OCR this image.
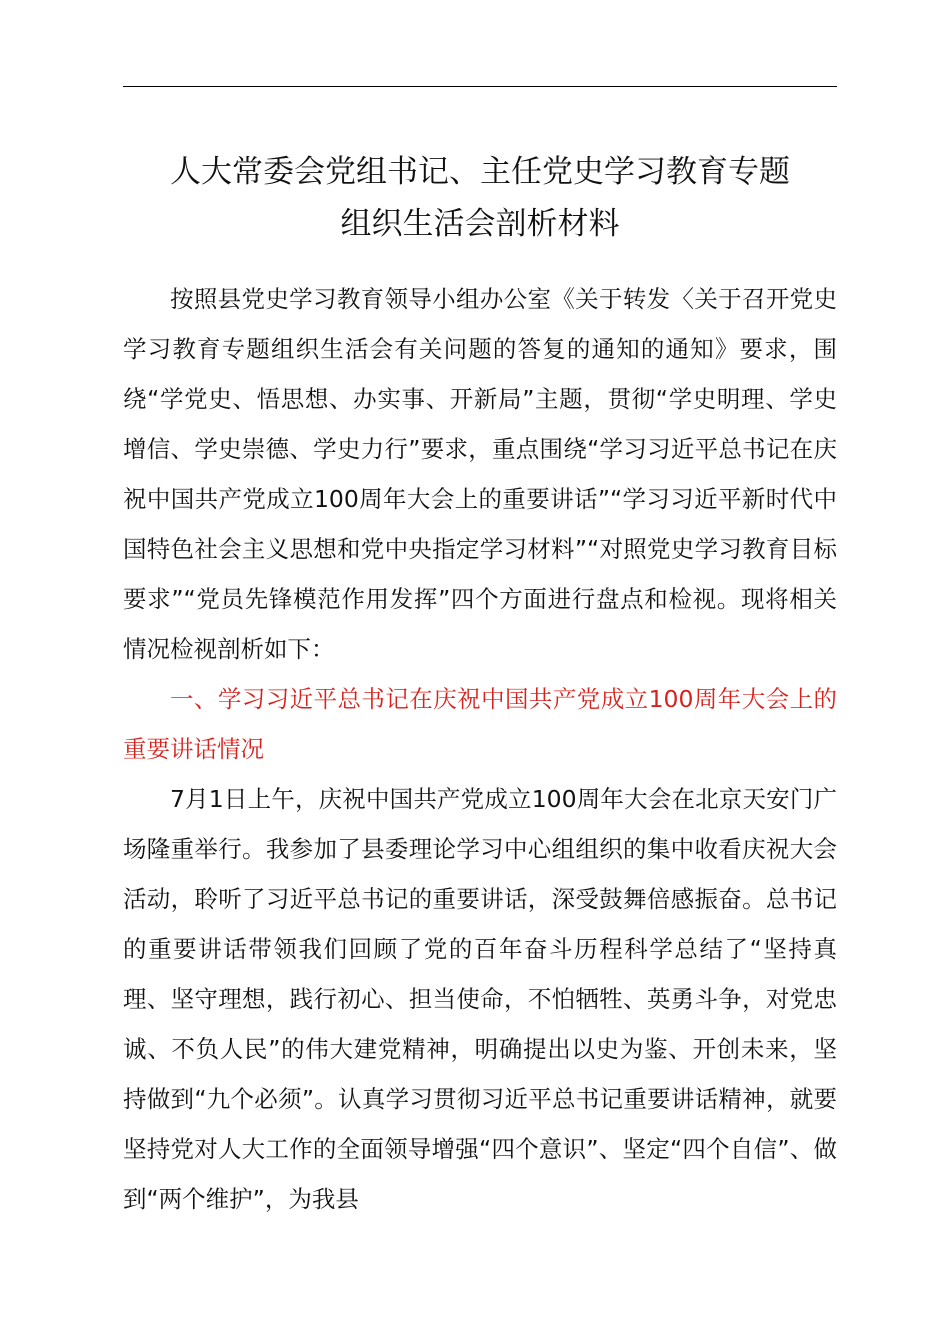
人大常委会党组书记、主任党史学习教育专题
组织生活会剖析材料

按照县党史学习教育领导小组办公室《关于转发〈关于召开党史学习教育专题组织生活会有关问题的答复的通知的通知》要求，围绕“学党史、悟思想、办实事、开新局”主题，贯彻“学史明理、学史增信、学史崇德、学史力行”要求，重点围绕“学习习近平总书记在庆祝中国共产党成立100周年大会上的重要讲话”“学习习近平新时代中国特色社会主义思想和党中央指定学习材料”“对照党史学习教育目标要求”“党员先锋模范作用发挥”四个方面进行盘点和检视。现将相关情况检视剖析如下：

一、学习习近平总书记在庆祝中国共产党成立100周年大会上的重要讲话情况

7月1日上午，庆祝中国共产党成立100周年大会在北京天安门广场隆重举行。我参加了县委理论学习中心组组织的集中收看庆祝大会活动，聆听了习近平总书记的重要讲话，深受鼓舞倍感振奋。总书记的重要讲话带领我们回顾了党的百年奋斗历程科学总结了“坚持真理、坚守理想，践行初心、担当使命，不怕牺牲、英勇斗争，对党忠诚、不负人民”的伟大建党精神，明确提出以史为鉴、开创未来，坚持做到“九个必须”。认真学习贯彻习近平总书记重要讲话精神，就要坚持党对人大工作的全面领导增强“四个意识”、坚定“四个自信”、做到“两个维护”，为我县
